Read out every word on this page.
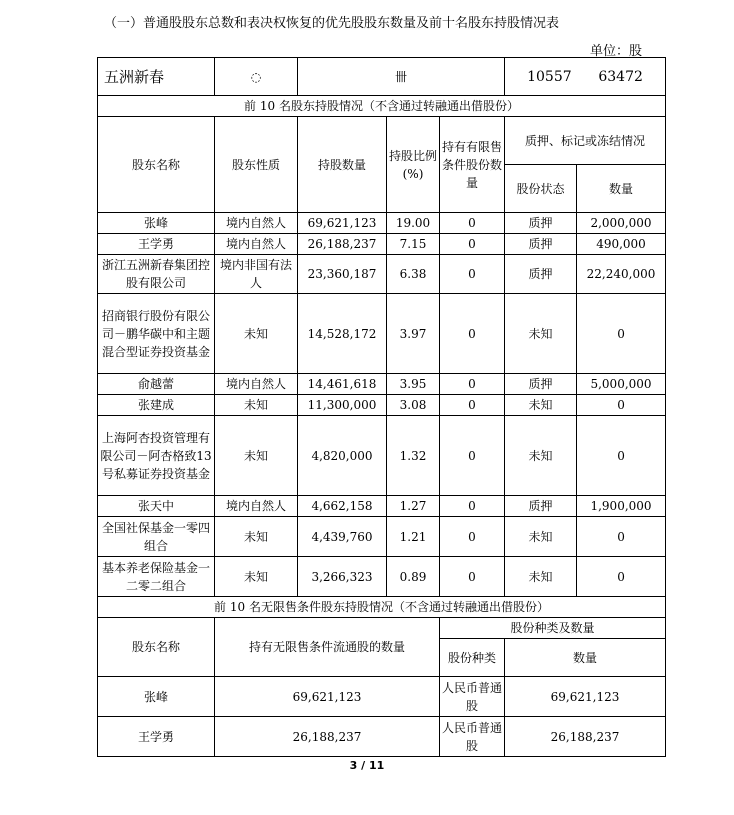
（一）普通股股东总数和表决权恢复的优先股股东数量及前十名股东持股情况表
单位：股
五洲新春	◌	卌			10557 63472	
前 10 名股东持股情况（不含通过转融通出借股份）						
股东名称	股东性质	持股数量	持股比例(%)	持有有限售条件股份数量	质押、标记或冻结情况	
					股份状态	数量
张峰	境内自然人	69,621,123	19.00	0	质押	2,000,000
王学勇	境内自然人	26,188,237	7.15	0	质押	490,000
浙江五洲新春集团控股有限公司	境内非国有法人	23,360,187	6.38	0	质押	22,240,000
招商银行股份有限公司－鹏华碳中和主题混合型证券投资基金	未知	14,528,172	3.97	0	未知	0
俞越蕾	境内自然人	14,461,618	3.95	0	质押	5,000,000
张建成	未知	11,300,000	3.08	0	未知	0
上海阿杏投资管理有限公司－阿杏格致13号私募证券投资基金	未知	4,820,000	1.32	0	未知	0
张天中	境内自然人	4,662,158	1.27	0	质押	1,900,000
全国社保基金一零四组合	未知	4,439,760	1.21	0	未知	0
基本养老保险基金一二零二组合	未知	3,266,323	0.89	0	未知	0
前 10 名无限售条件股东持股情况（不含通过转融通出借股份）						
股东名称	持有无限售条件流通股的数量			股份种类及数量		
				股份种类	数量	
张峰	69,621,123			人民币普通股	69,621,123	
王学勇	26,188,237			人民币普通股	26,188,237	
3 / 11
